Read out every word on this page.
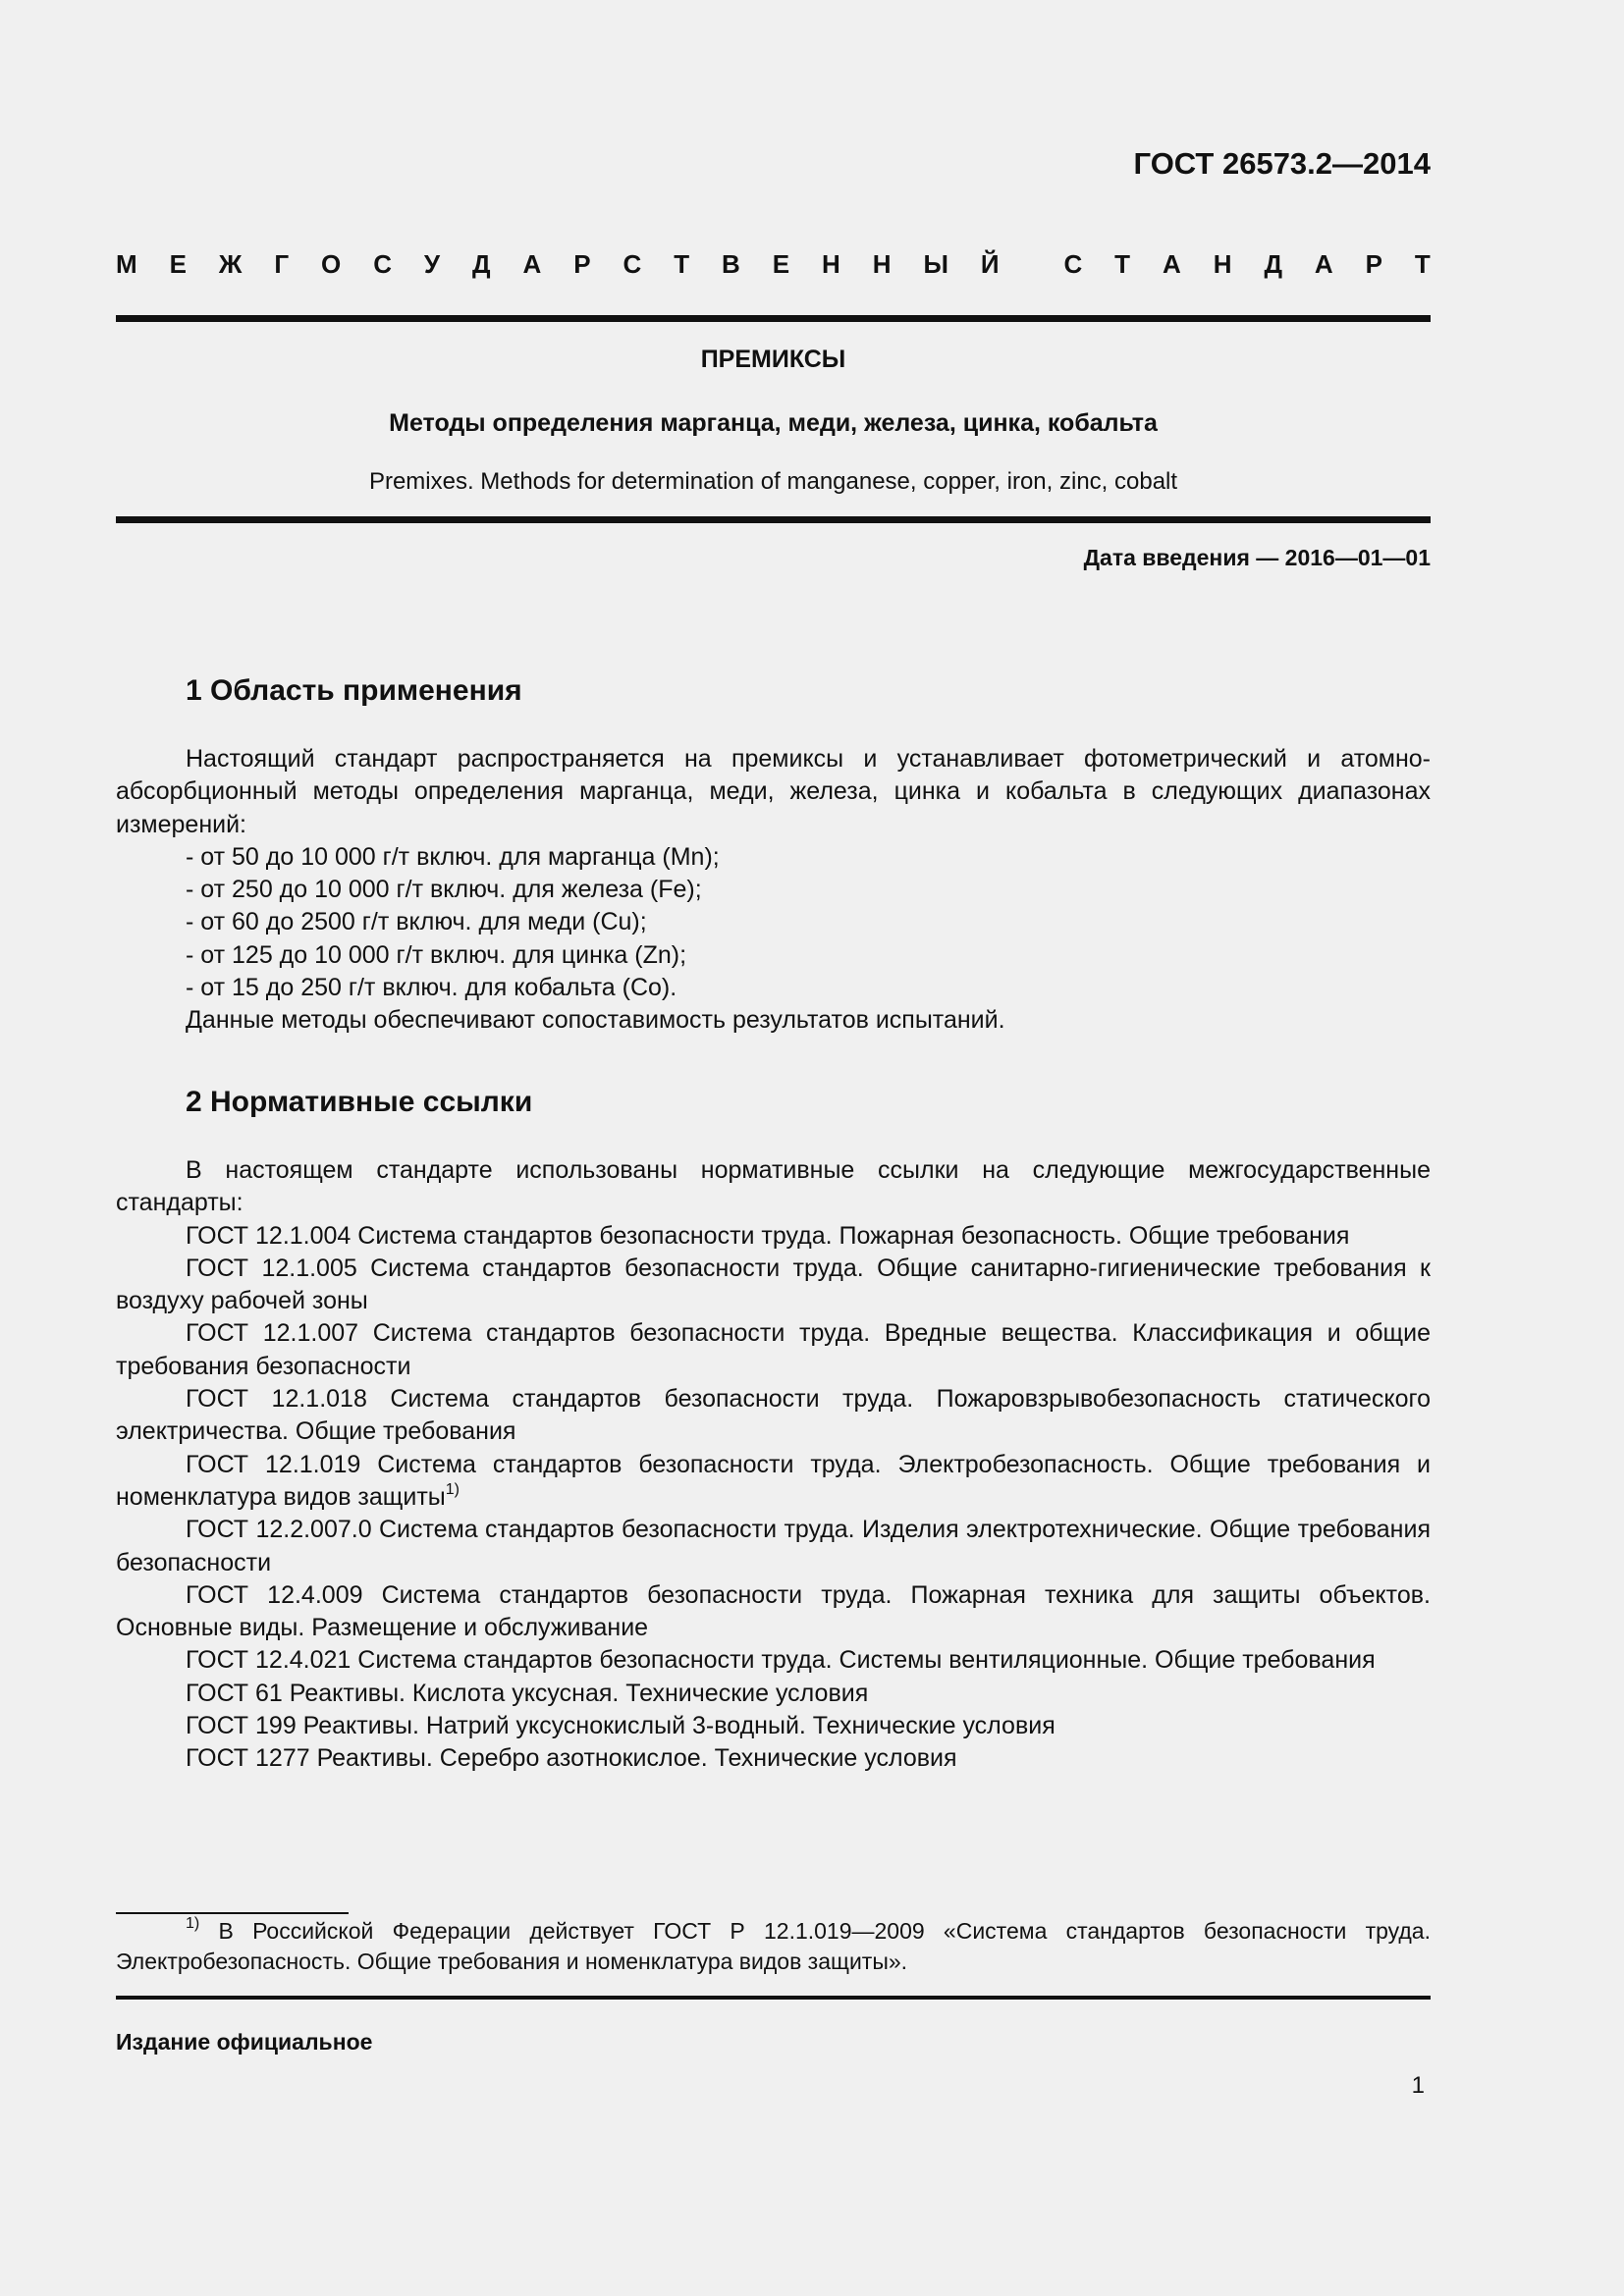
ГОСТ 26573.2—2014
М Е Ж Г О С У Д А Р С Т В Е Н Н Ы Й	С Т А Н Д А Р Т
ПРЕМИКСЫ
Методы определения марганца, меди, железа, цинка, кобальта
Premixes. Methods for determination of manganese, copper, iron, zinc, cobalt
Дата введения — 2016—01—01
1 Область применения

Настоящий стандарт распространяется на премиксы и устанавливает фотометрический и атомно-абсорбционный методы определения марганца, меди, железа, цинка и кобальта в следующих диапазонах измерений:

- от 50 до 10 000 г/т включ. для марганца (Mn);

- от 250 до 10 000 г/т включ. для железа (Fe);

- от 60 до 2500 г/т включ. для меди (Cu);

- от 125 до 10 000 г/т включ. для цинка (Zn);

- от 15 до 250 г/т включ. для кобальта (Co).

Данные методы обеспечивают сопоставимость результатов испытаний.

2 Нормативные ссылки

В настоящем стандарте использованы нормативные ссылки на следующие межгосударственные стандарты:

ГОСТ 12.1.004 Система стандартов безопасности труда. Пожарная безопасность. Общие требования

ГОСТ 12.1.005 Система стандартов безопасности труда. Общие санитарно-гигиенические требования к воздуху рабочей зоны

ГОСТ 12.1.007 Система стандартов безопасности труда. Вредные вещества. Классификация и общие требования безопасности

ГОСТ 12.1.018 Система стандартов безопасности труда. Пожаровзрывобезопасность статического электричества. Общие требования

ГОСТ 12.1.019 Система стандартов безопасности труда. Электробезопасность. Общие требования и номенклатура видов защиты$^{1)}$

ГОСТ 12.2.007.0 Система стандартов безопасности труда. Изделия электротехнические. Общие требования безопасности

ГОСТ 12.4.009 Система стандартов безопасности труда. Пожарная техника для защиты объектов. Основные виды. Размещение и обслуживание

ГОСТ 12.4.021 Система стандартов безопасности труда. Системы вентиляционные. Общие требования

ГОСТ 61 Реактивы. Кислота уксусная. Технические условия

ГОСТ 199 Реактивы. Натрий уксуснокислый 3-водный. Технические условия

ГОСТ 1277 Реактивы. Серебро азотнокислое. Технические условия

$^{1)}$ В Российской Федерации действует ГОСТ Р 12.1.019—2009 «Система стандартов безопасности труда. Электробезопасность. Общие требования и номенклатура видов защиты».

Издание официальное
1
